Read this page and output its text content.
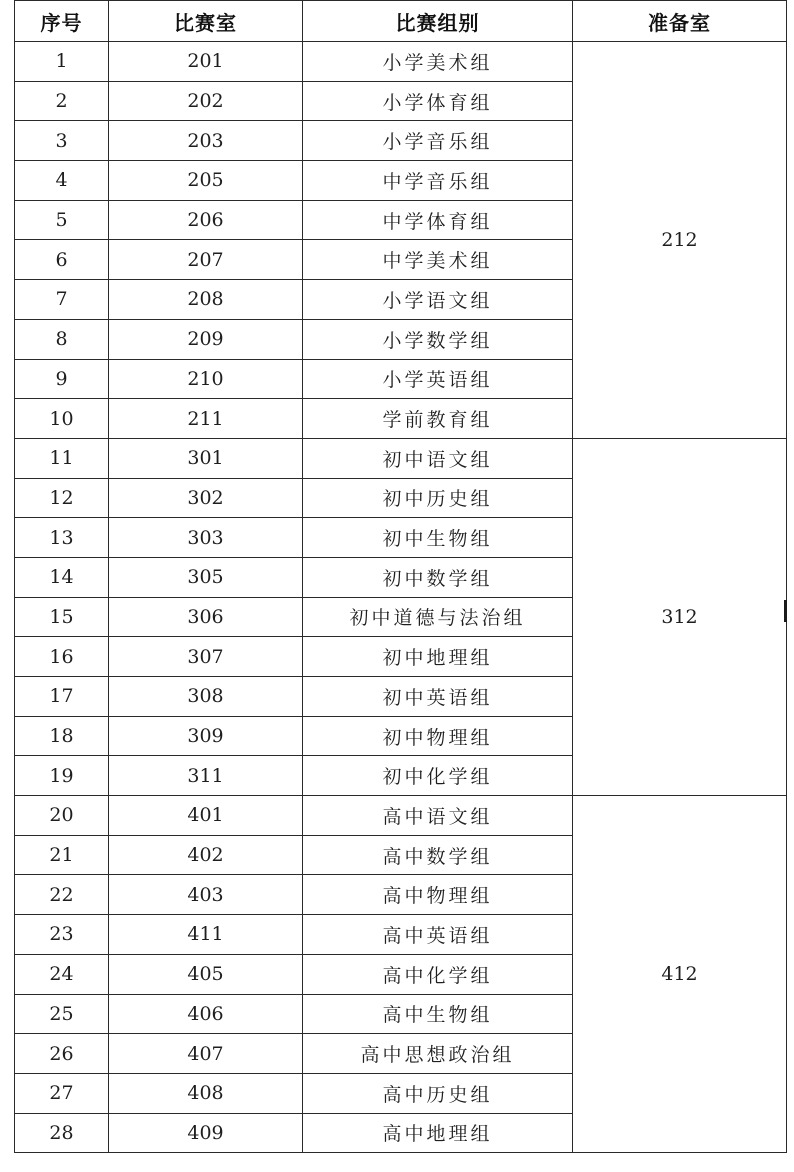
序号	比赛室	比赛组别	准备室
1	201	小学美术组	212
2	202	小学体育组	
3	203	小学音乐组	
4	205	中学音乐组	
5	206	中学体育组	
6	207	中学美术组	
7	208	小学语文组	
8	209	小学数学组	
9	210	小学英语组	
10	211	学前教育组	
11	301	初中语文组	312
12	302	初中历史组	
13	303	初中生物组	
14	305	初中数学组	
15	306	初中道德与法治组	
16	307	初中地理组	
17	308	初中英语组	
18	309	初中物理组	
19	311	初中化学组	
20	401	高中语文组	412
21	402	高中数学组	
22	403	高中物理组	
23	411	高中英语组	
24	405	高中化学组	
25	406	高中生物组	
26	407	高中思想政治组	
27	408	高中历史组	
28	409	高中地理组	
